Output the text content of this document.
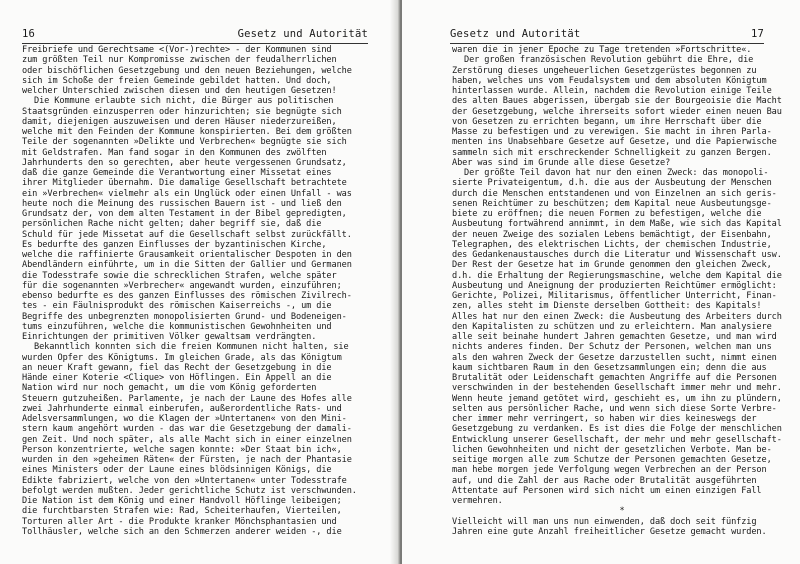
16	Gesetz und Autorität
Freibriefe und Gerechtsame <(Vor-)rechte> - der Kommunen sind
zum größten Teil nur Kompromisse zwischen der feudalherrlichen
oder bischöflichen Gesetzgebung und den neuen Beziehungen, welche
sich im Schoße der freien Gemeinde gebildet hatten. Und doch,
welcher Unterschied zwischen diesen und den heutigen Gesetzen!
Die Kommune erlaubte sich nicht, die Bürger aus politischen
Staatsgründen einzusperren oder hinzurichten; sie begnügte sich
damit, diejenigen auszuweisen und deren Häuser niederzureißen,
welche mit den Feinden der Kommune konspirierten. Bei dem größten
Teile der sogenannten »Delikte und Verbrechen« begnügte sie sich
mit Geldstrafen. Man fand sogar in den Kommunen des zwölften
Jahrhunderts den so gerechten, aber heute vergessenen Grundsatz,
daß die ganze Gemeinde die Verantwortung einer Missetat eines
ihrer Mitglieder übernahm. Die damalige Gesellschaft betrachtete
ein »Verbrechen« vielmehr als ein Unglück oder einen Unfall - was
heute noch die Meinung des russischen Bauern ist - und ließ den
Grundsatz der, von dem alten Testament in der Bibel gepredigten,
persönlichen Rache nicht gelten; daher begriff sie, daß die
Schuld für jede Missetat auf die Gesellschaft selbst zurückfällt.
Es bedurfte des ganzen Einflusses der byzantinischen Kirche,
welche die raffinierte Grausamkeit orientalischer Despoten in den
Abendländern einführte, um in die Sitten der Gallier und Germanen
die Todesstrafe sowie die schrecklichen Strafen, welche später
für die sogenannten »Verbrecher« angewandt wurden, einzuführen;
ebenso bedurfte es des ganzen Einflusses des römischen Zivilrech-
tes - ein Fäulnisprodukt des römischen Kaiserreichs -, um die
Begriffe des unbegrenzten monopolisierten Grund- und Bodeneigen-
tums einzuführen, welche die kommunistischen Gewohnheiten und
Einrichtungen der primitiven Völker gewaltsam verdrängten.
Bekanntlich konnten sich die freien Kommunen nicht halten, sie
wurden Opfer des Königtums. Im gleichen Grade, als das Königtum
an neuer Kraft gewann, fiel das Recht der Gesetzgebung in die
Hände einer Koterie <Clique> von Höflingen. Ein Appell an die
Nation wird nur noch gemacht, um die vom König geforderten
Steuern gutzuheißen. Parlamente, je nach der Laune des Hofes alle
zwei Jahrhunderte einmal einberufen, außerordentliche Rats- und
Adelsversammlungen, wo die Klagen der »Untertanen« von den Mini-
stern kaum angehört wurden - das war die Gesetzgebung der damali-
gen Zeit. Und noch später, als alle Macht sich in einer einzelnen
Person konzentrierte, welche sagen konnte: »Der Staat bin ich«,
wurden in den »geheimen Räten« der Fürsten, je nach der Phantasie
eines Ministers oder der Laune eines blödsinnigen Königs, die
Edikte fabriziert, welche von den »Untertanen« unter Todesstrafe
befolgt werden mußten. Jeder gerichtliche Schutz ist verschwunden.
Die Nation ist dem König und einer Handvoll Höflinge leibeigen;
die furchtbarsten Strafen wie: Rad, Scheiterhaufen, Vierteilen,
Torturen aller Art - die Produkte kranker Mönchsphantasien und
Tollhäusler, welche sich an den Schmerzen anderer weiden -, die
Gesetz und Autorität	17
waren die in jener Epoche zu Tage tretenden »Fortschritte«.
Der großen französischen Revolution gebührt die Ehre, die
Zerstörung dieses ungeheuerlichen Gesetzgerüstes begonnen zu
haben, welches uns vom Feudalsystem und dem absoluten Königtum
hinterlassen wurde. Allein, nachdem die Revolution einige Teile
des alten Baues abgerissen, übergab sie der Bourgeoisie die Macht
der Gesetzgebung, welche ihrerseits sofort wieder einen neuen Bau
von Gesetzen zu errichten begann, um ihre Herrschaft über die
Masse zu befestigen und zu verewigen. Sie macht in ihren Parla-
menten ins Unabsehbare Gesetze auf Gesetze, und die Papierwische
sammeln sich mit erschreckender Schnelligkeit zu ganzen Bergen.
Aber was sind im Grunde alle diese Gesetze?
Der größte Teil davon hat nur den einen Zweck: das monopoli-
sierte Privateigentum, d.h. die aus der Ausbeutung der Menschen
durch die Menschen entstandenen und von Einzelnen an sich geris-
senen Reichtümer zu beschützen; dem Kapital neue Ausbeutungsge-
biete zu eröffnen; die neuen Formen zu befestigen, welche die
Ausbeutung fortwährend annimmt, in dem Maße, wie sich das Kapital
der neuen Zweige des sozialen Lebens bemächtigt, der Eisenbahn,
Telegraphen, des elektrischen Lichts, der chemischen Industrie,
des Gedankenaustausches durch die Literatur und Wissenschaft usw.
Der Rest der Gesetze hat im Grunde genommen den gleichen Zweck,
d.h. die Erhaltung der Regierungsmaschine, welche dem Kapital die
Ausbeutung und Aneignung der produzierten Reichtümer ermöglicht:
Gerichte, Polizei, Militarismus, öffentlicher Unterricht, Finan-
zen, alles steht im Dienste derselben Gottheit: des Kapitals!
Alles hat nur den einen Zweck: die Ausbeutung des Arbeiters durch
den Kapitalisten zu schützen und zu erleichtern. Man analysiere
alle seit beinahe hundert Jahren gemachten Gesetze, und man wird
nichts anderes finden. Der Schutz der Personen, welchen man uns
als den wahren Zweck der Gesetze darzustellen sucht, nimmt einen
kaum sichtbaren Raum in den Gesetzsammlungen ein; denn die aus
Brutalität oder Leidenschaft gemachten Angriffe auf die Personen
verschwinden in der bestehenden Gesellschaft immer mehr und mehr.
Wenn heute jemand getötet wird, geschieht es, um ihn zu plündern,
selten aus persönlicher Rache, und wenn sich diese Sorte Verbre-
cher immer mehr verringert, so haben wir dies keineswegs der
Gesetzgebung zu verdanken. Es ist dies die Folge der menschlichen
Entwicklung unserer Gesellschaft, der mehr und mehr gesellschaft-
lichen Gewohnheiten und nicht der gesetzlichen Verbote. Man be-
seitige morgen alle zum Schutze der Personen gemachten Gesetze,
man hebe morgen jede Verfolgung wegen Verbrechen an der Person
auf, und die Zahl der aus Rache oder Brutalität ausgeführten
Attentate auf Personen wird sich nicht um einen einzigen Fall
vermehren.
*
Vielleicht will man uns nun einwenden, daß doch seit fünfzig
Jahren eine gute Anzahl freiheitlicher Gesetze gemacht wurden.
